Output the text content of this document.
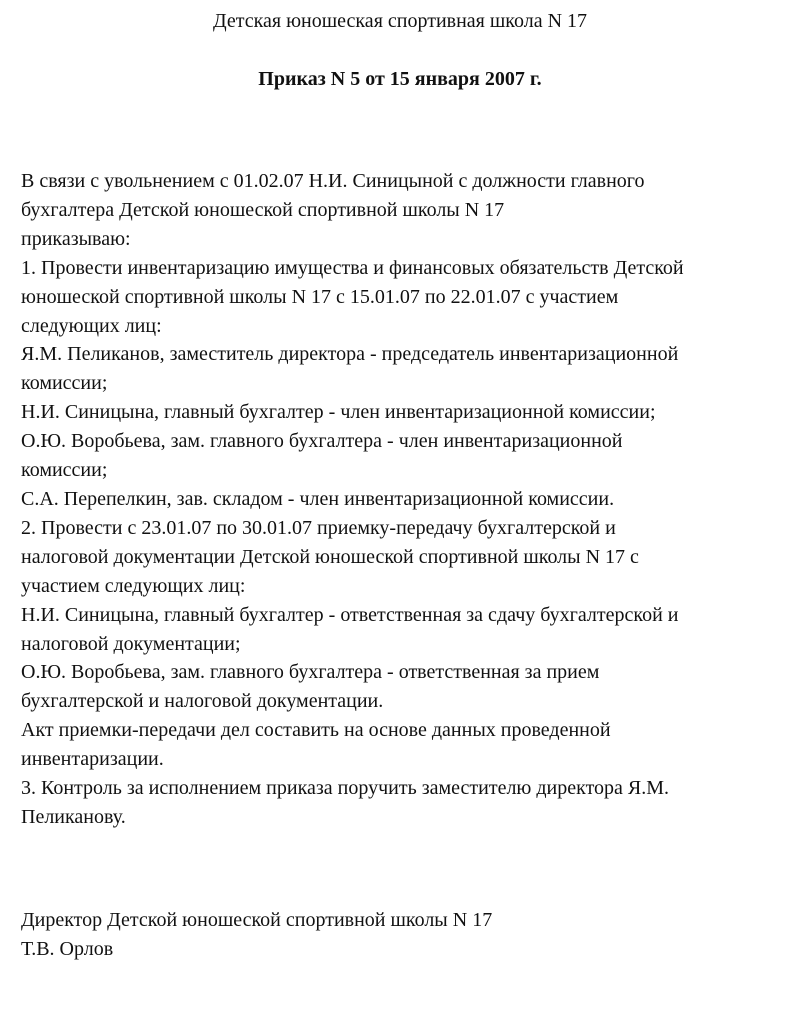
Детская юношеская спортивная школа N 17
Приказ N 5 от 15 января 2007 г.
В связи с увольнением с 01.02.07 Н.И. Синицыной с должности главного
бухгалтера Детской юношеской спортивной школы N 17
приказываю:
1. Провести инвентаризацию имущества и финансовых обязательств Детской
юношеской спортивной школы N 17 с 15.01.07 по 22.01.07 с участием
следующих лиц:
Я.М. Пеликанов, заместитель директора - председатель инвентаризационной
комиссии;
Н.И. Синицына, главный бухгалтер - член инвентаризационной комиссии;
О.Ю. Воробьева, зам. главного бухгалтера - член инвентаризационной
комиссии;
С.А. Перепелкин, зав. складом - член инвентаризационной комиссии.
2. Провести с 23.01.07 по 30.01.07 приемку-передачу бухгалтерской и
налоговой документации Детской юношеской спортивной школы N 17 с
участием следующих лиц:
Н.И. Синицына, главный бухгалтер - ответственная за сдачу бухгалтерской и
налоговой документации;
О.Ю. Воробьева, зам. главного бухгалтера - ответственная за прием
бухгалтерской и налоговой документации.
Акт приемки-передачи дел составить на основе данных проведенной
инвентаризации.
3. Контроль за исполнением приказа поручить заместителю директора Я.М.
Пеликанову.
Директор Детской юношеской спортивной школы N 17
Т.В. Орлов
